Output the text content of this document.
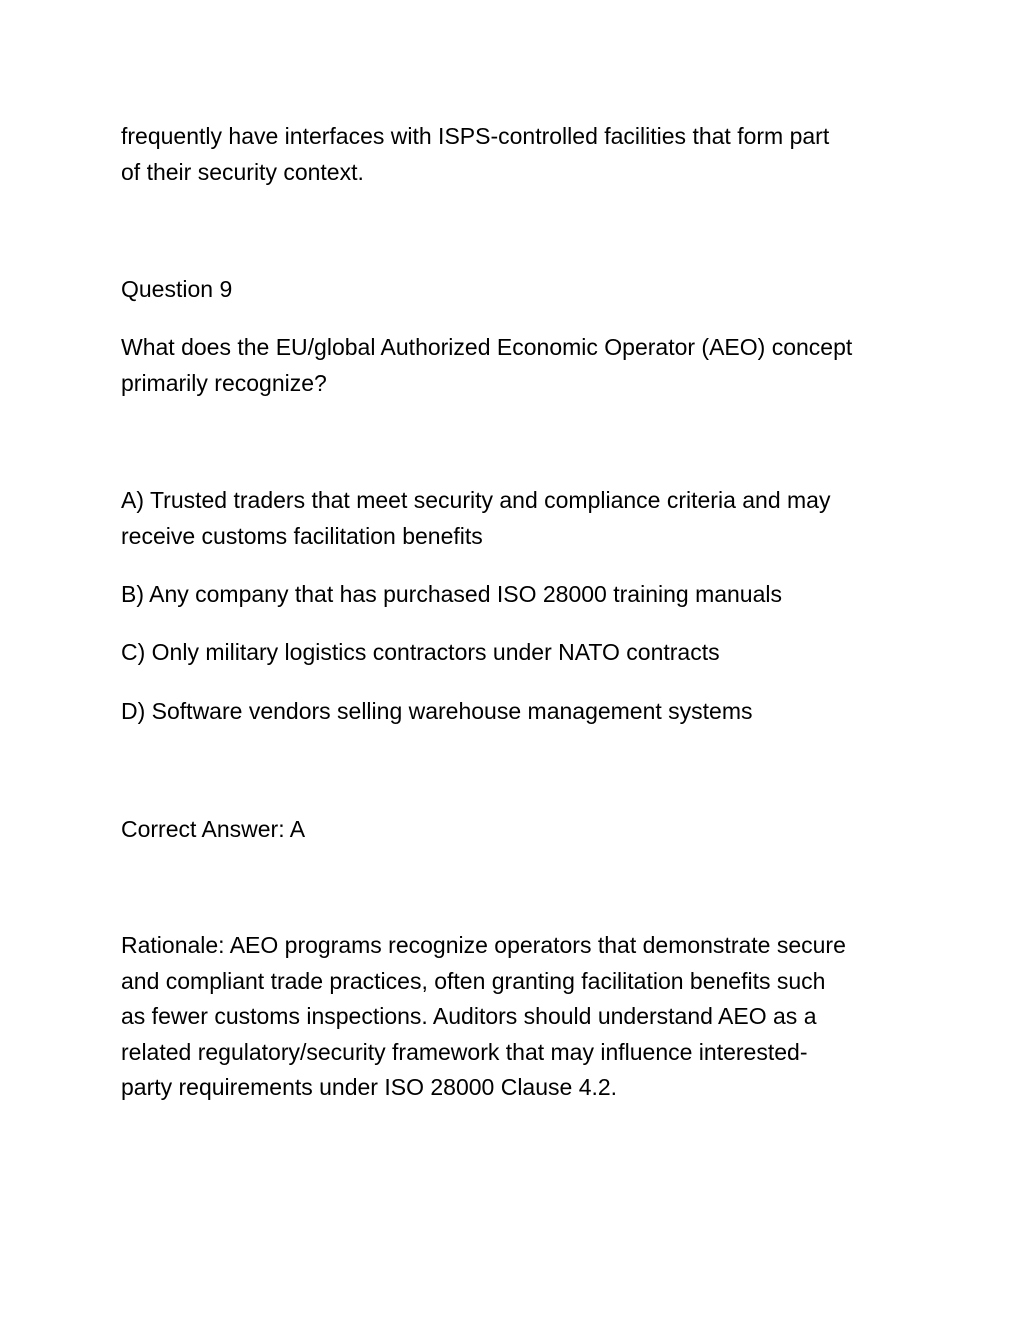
frequently have interfaces with ISPS-controlled facilities that form part
of their security context.

Question 9

What does the EU/global Authorized Economic Operator (AEO) concept
primarily recognize?

A) Trusted traders that meet security and compliance criteria and may
receive customs facilitation benefits

B) Any company that has purchased ISO 28000 training manuals

C) Only military logistics contractors under NATO contracts

D) Software vendors selling warehouse management systems

Correct Answer: A

Rationale: AEO programs recognize operators that demonstrate secure
and compliant trade practices, often granting facilitation benefits such
as fewer customs inspections. Auditors should understand AEO as a
related regulatory/security framework that may influence interested-
party requirements under ISO 28000 Clause 4.2.
